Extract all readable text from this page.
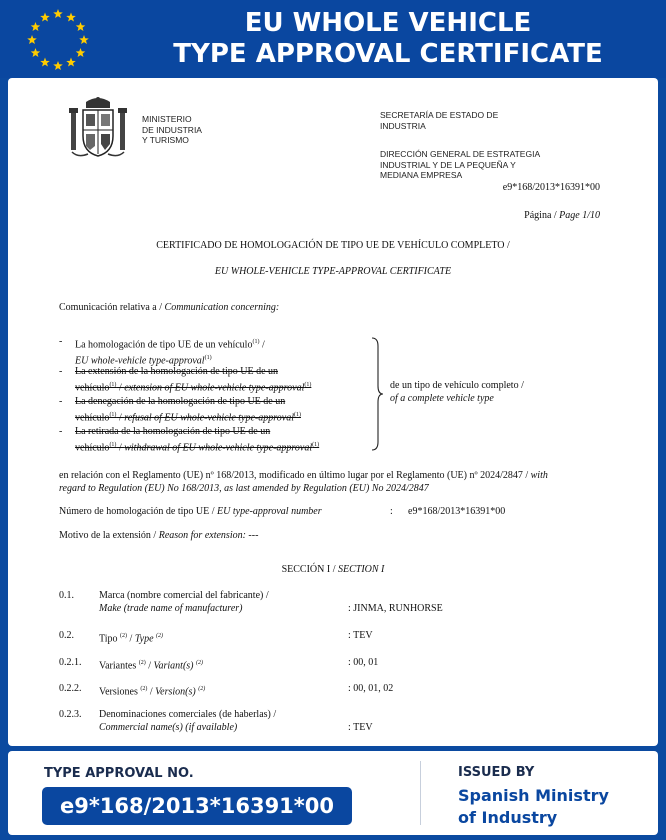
EU WHOLE VEHICLE
TYPE APPROVAL CERTIFICATE
MINISTERIO
DE INDUSTRIA
Y TURISMO
SECRETARÍA DE ESTADO DE
INDUSTRIA
DIRECCIÓN GENERAL DE ESTRATEGIA
INDUSTRIAL Y DE LA PEQUEÑA Y
MEDIANA EMPRESA
e9*168/2013*16391*00
Página / Page 1/10
CERTIFICADO DE HOMOLOGACIÓN DE TIPO UE DE VEHÍCULO COMPLETO /
EU WHOLE-VEHICLE TYPE-APPROVAL CERTIFICATE
Comunicación relativa a / Communication concerning:
- La homologación de tipo UE de un vehículo$^{(1)}$ /
EU whole-vehicle type-approval$^{(1)}$
- La extensión de la homologación de tipo UE de un
vehículo$^{(1)}$ / extension of EU whole-vehicle type-approval$^{(1)}$
- La denegación de la homologación de tipo UE de un
vehículo$^{(1)}$ / refusal of EU whole-vehicle type-approval$^{(1)}$
- La retirada de la homologación de tipo UE de un
vehículo$^{(1)}$ / withdrawal of EU whole-vehicle type-approval$^{(1)}$
de un tipo de vehículo completo /
of a complete vehicle type
en relación con el Reglamento (UE) nº 168/2013, modificado en último lugar por el Reglamento (UE) nº 2024/2847 / with
regard to Regulation (EU) No 168/2013, as last amended by Regulation (EU) No 2024/2847
Número de homologación de tipo UE / EU type-approval number	: e9*168/2013*16391*00
Motivo de la extensión / Reason for extension: ---
SECCIÓN I / SECTION I
0.1.	Marca (nombre comercial del fabricante) /
Make (trade name of manufacturer)	: JINMA, RUNHORSE
0.2.	Tipo $^{(2)}$ / Type $^{(2)}$	: TEV
0.2.1. Variantes $^{(2)}$ / Variant(s) $^{(2)}$	: 00, 01
0.2.2. Versiones $^{(2)}$ / Version(s) $^{(2)}$	: 00, 01, 02
0.2.3. Denominaciones comerciales (de haberlas) /
Commercial name(s) (if available)	: TEV
TYPE APPROVAL NO.
e9*168/2013*16391*00
ISSUED BY
Spanish Ministry
of Industry
